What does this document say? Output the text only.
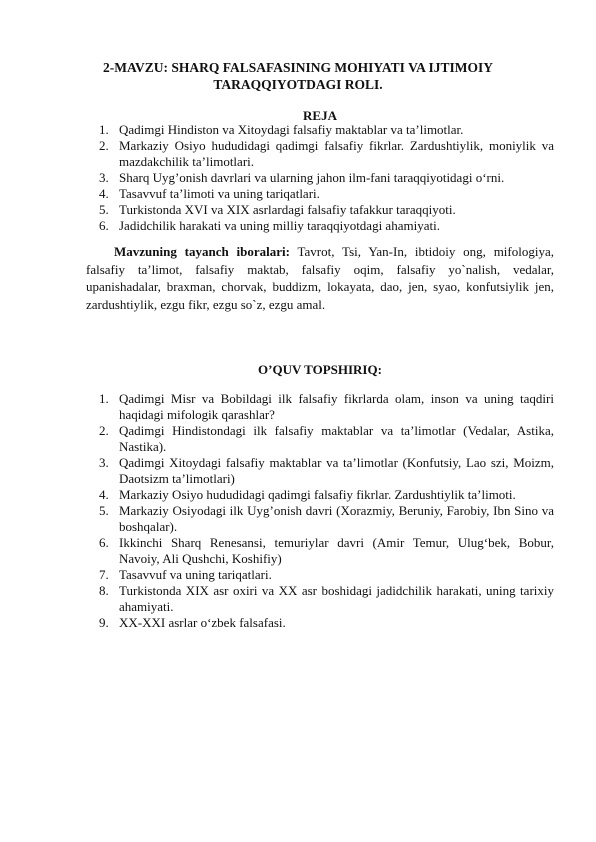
2-MAVZU: SHARQ FALSAFASINING MOHIYATI VA IJTIMOIY
TARAQQIYOTDAGI ROLI.
REJA
1. Qadimgi Hindiston va Xitoydagi falsafiy maktablar va ta’limotlar.
2. Markaziy Osiyo hududidagi qadimgi falsafiy fikrlar. Zardushtiylik, moniylik va mazdakchilik ta’limotlari.
3. Sharq Uyg’onish davrlari va ularning jahon ilm-fani taraqqiyotidagi o‘rni.
4. Tasavvuf ta’limoti va uning tariqatlari.
5. Turkistonda XVI va XIX asrlardagi falsafiy tafakkur taraqqiyoti.
6. Jadidchilik harakati va uning milliy taraqqiyotdagi ahamiyati.
Mavzuning tayanch iboralari: Tavrot, Tsi, Yan-In, ibtidoiy ong, mifologiya, falsafiy ta’limot, falsafiy maktab, falsafiy oqim, falsafiy yo`nalish, vedalar, upanishadalar, braxman, chorvak, buddizm, lokayata, dao, jen, syao, konfutsiylik jen, zardushtiylik, ezgu fikr, ezgu so`z, ezgu amal.
O’QUV TOPSHIRIQ:
1. Qadimgi Misr va Bobildagi ilk falsafiy fikrlarda olam, inson va uning taqdiri haqidagi mifologik qarashlar?
2. Qadimgi Hindistondagi ilk falsafiy maktablar va ta’limotlar (Vedalar, Astika, Nastika).
3. Qadimgi Xitoydagi falsafiy maktablar va ta’limotlar (Konfutsiy, Lao szi, Moizm, Daotsizm ta’limotlari)
4. Markaziy Osiyo hududidagi qadimgi falsafiy fikrlar. Zardushtiylik ta’limoti.
5. Markaziy Osiyodagi ilk Uyg’onish davri (Xorazmiy, Beruniy, Farobiy, Ibn Sino va boshqalar).
6. Ikkinchi Sharq Renesansi, temuriylar davri (Amir Temur, Ulug‘bek, Bobur, Navoiy, Ali Qushchi, Koshifiy)
7. Tasavvuf va uning tariqatlari.
8. Turkistonda XIX asr oxiri va XX asr boshidagi jadidchilik harakati, uning tarixiy ahamiyati.
9. XX-XXI asrlar o‘zbek falsafasi.
